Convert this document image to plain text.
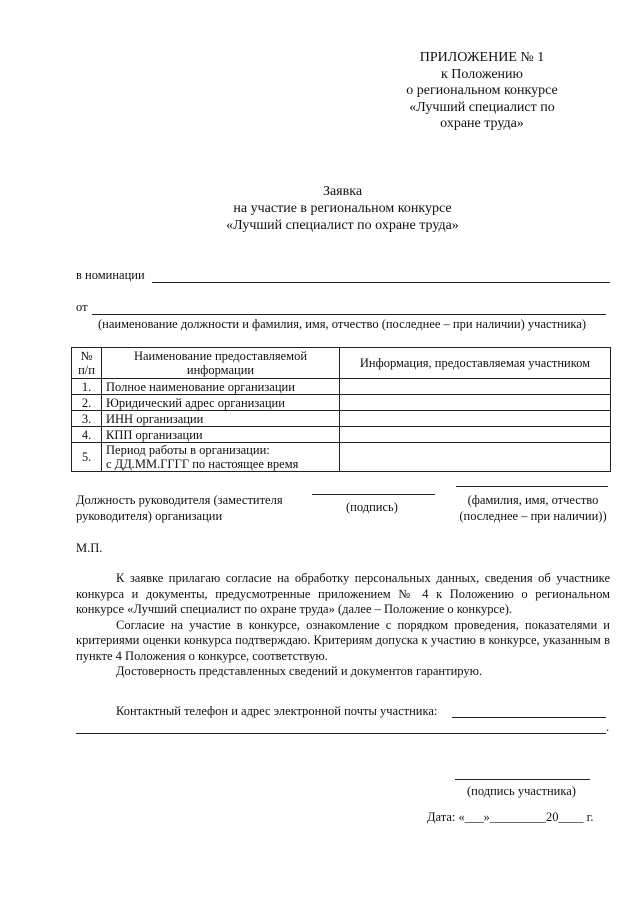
ПРИЛОЖЕНИЕ № 1
к Положению
о региональном конкурсе
«Лучший специалист по
охране труда»
Заявка
на участие в региональном конкурсе
«Лучший специалист по охране труда»
в номинации
от
(наименование должности и фамилия, имя, отчество (последнее – при наличии) участника)
№
п/п	Наименование предоставляемой информации	Информация, предоставляемая участником
1.	Полное наименование организации	
2.	Юридический адрес организации	
3.	ИНН организации	
4.	КПП организации	
5.	Период работы в организации:
с ДД.ММ.ГГГГ по настоящее время	

Должность руководителя (заместителя
руководителя) организации
(подпись)	(фамилия, имя, отчество
(последнее – при наличии))
М.П.

К заявке прилагаю согласие на обработку персональных данных, сведения об участнике конкурса и документы, предусмотренные приложением № 4 к Положению о региональном конкурсе «Лучший специалист по охране труда» (далее – Положение о конкурсе).

Согласие на участие в конкурсе, ознакомление с порядком проведения, показателями и критериями оценки конкурса подтверждаю. Критериям допуска к участию в конкурсе, указанным в пункте 4 Положения о конкурсе, соответствую.

Достоверность представленных сведений и документов гарантирую.

Контактный телефон и адрес электронной почты участника:
.
(подпись участника)
Дата: «___»_________20____ г.
